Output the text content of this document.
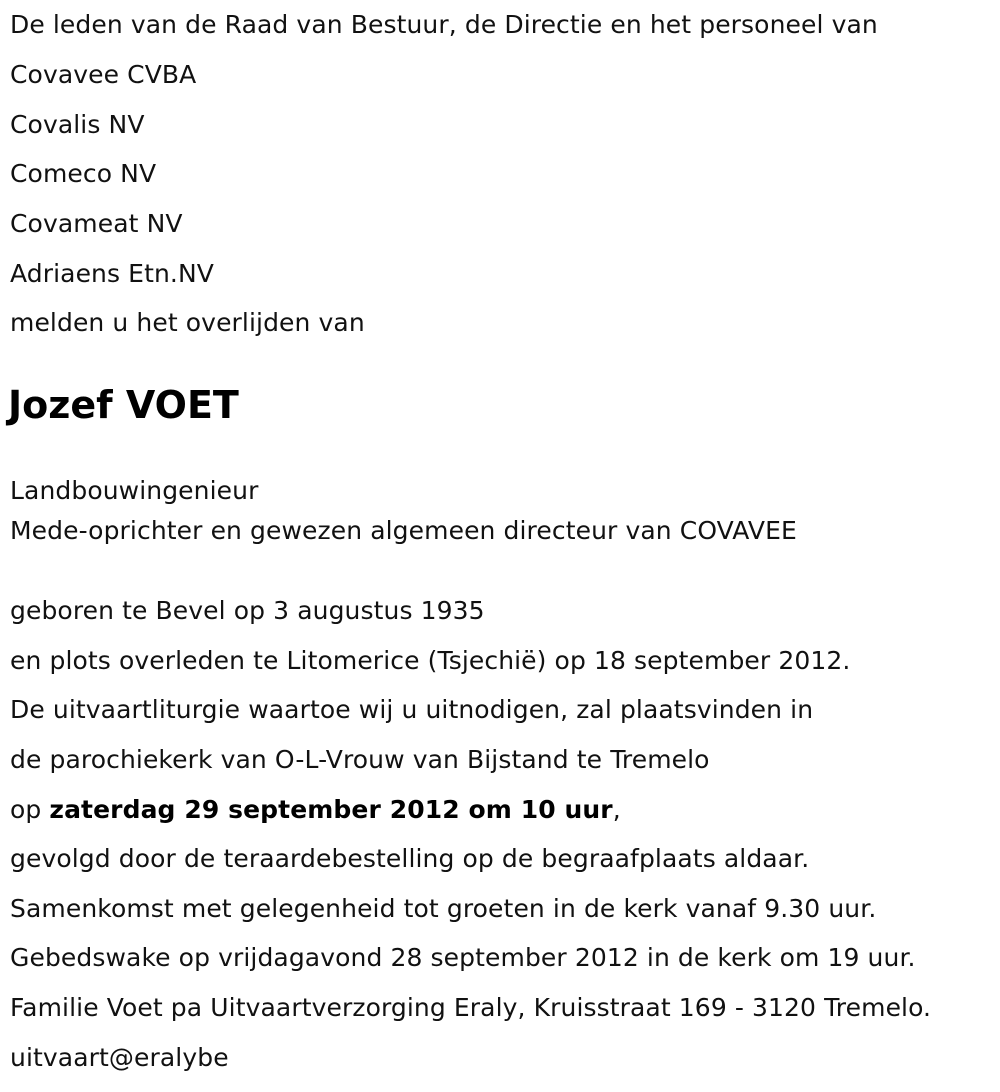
De leden van de Raad van Bestuur, de Directie en het personeel van
Covavee CVBA
Covalis NV
Comeco NV
Covameat NV
Adriaens Etn.NV
melden u het overlijden van
Jozef VOET
Landbouwingenieur
Mede-oprichter en gewezen algemeen directeur van COVAVEE
geboren te Bevel op 3 augustus 1935
en plots overleden te Litomerice (Tsjechië) op 18 september 2012.
De uitvaartliturgie waartoe wij u uitnodigen, zal plaatsvinden in
de parochiekerk van O-L-Vrouw van Bijstand te Tremelo
op zaterdag 29 september 2012 om 10 uur,
gevolgd door de teraardebestelling op de begraafplaats aldaar.
Samenkomst met gelegenheid tot groeten in de kerk vanaf 9.30 uur.
Gebedswake op vrijdagavond 28 september 2012 in de kerk om 19 uur.
Familie Voet pa Uitvaartverzorging Eraly, Kruisstraat 169 - 3120 Tremelo.
uitvaart@eralybe
